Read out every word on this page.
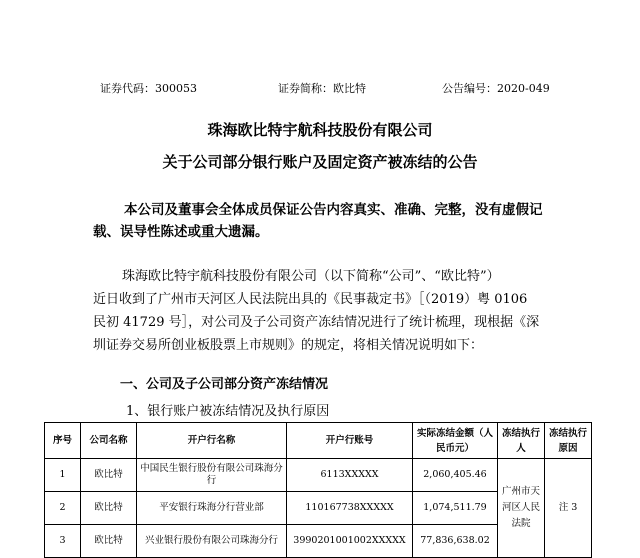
证券代码：300053	证券简称：欧比特	公告编号：2020-049
珠海欧比特宇航科技股份有限公司
关于公司部分银行账户及固定资产被冻结的公告
本公司及董事会全体成员保证公告内容真实、准确、完整，没有虚假记
载、误导性陈述或重大遗漏。
珠海欧比特宇航科技股份有限公司（以下简称“公司”、“欧比特”）
近日收到了广州市天河区人民法院出具的《民事裁定书》［（2019）粤 0106
民初 41729 号］，对公司及子公司资产冻结情况进行了统计梳理，现根据《深
圳证券交易所创业板股票上市规则》的规定，将相关情况说明如下：
一、公司及子公司部分资产冻结情况
1、银行账户被冻结情况及执行原因
序号	公司名称	开户行名称	开户行账号	实际冻结金额（人民币元）	冻结执行人	冻结执行原因
1	欧比特	中国民生银行股份有限公司珠海分行	6113XXXXX	2,060,405.46	广州市天河区人民法院	注 3
2	欧比特	平安银行珠海分行营业部	110167738XXXXX	1,074,511.79		
3	欧比特	兴业银行股份有限公司珠海分行	399020100100​2XXXXX	77,836,638.02		
